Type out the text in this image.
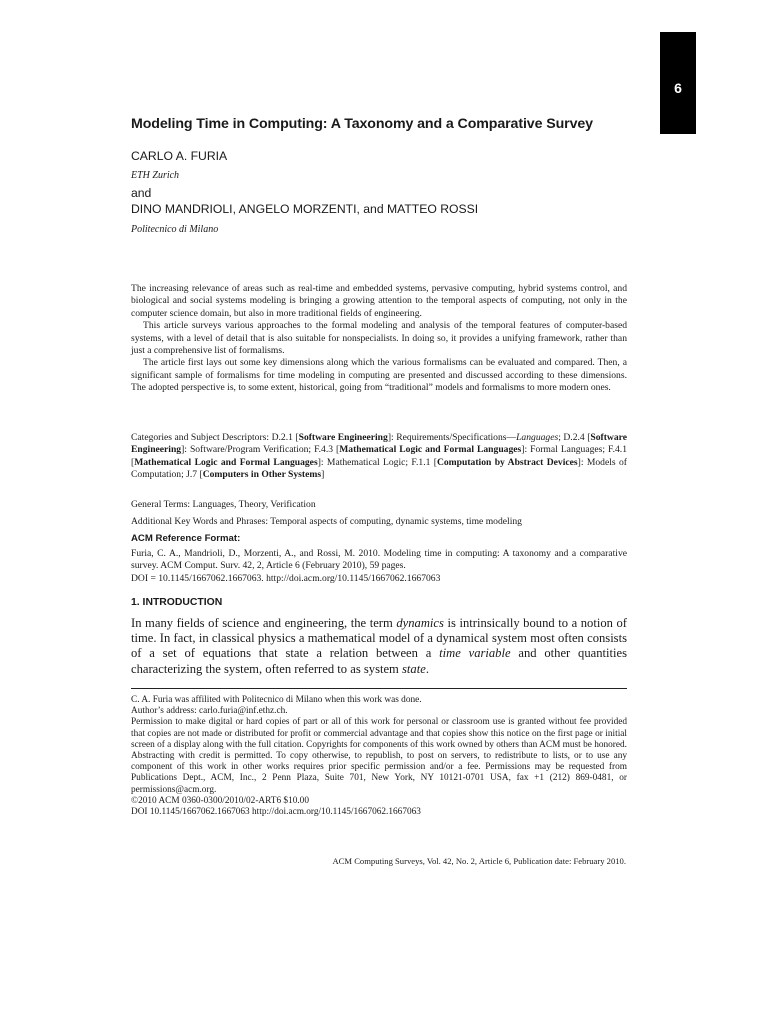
6
Modeling Time in Computing: A Taxonomy and a Comparative Survey
CARLO A. FURIA
ETH Zurich
and
DINO MANDRIOLI, ANGELO MORZENTI, and MATTEO ROSSI
Politecnico di Milano

The increasing relevance of areas such as real-time and embedded systems, pervasive computing, hybrid systems control, and biological and social systems modeling is bringing a growing attention to the temporal aspects of computing, not only in the computer science domain, but also in more traditional fields of engineering.

This article surveys various approaches to the formal modeling and analysis of the temporal features of computer-based systems, with a level of detail that is also suitable for nonspecialists. In doing so, it provides a unifying framework, rather than just a comprehensive list of formalisms.

The article first lays out some key dimensions along which the various formalisms can be evaluated and compared. Then, a significant sample of formalisms for time modeling in computing are presented and discussed according to these dimensions. The adopted perspective is, to some extent, historical, going from “traditional” models and formalisms to more modern ones.

Categories and Subject Descriptors: D.2.1 [Software Engineering]: Requirements/Specifications—Languages; D.2.4 [Software Engineering]: Software/Program Verification; F.4.3 [Mathematical Logic and Formal Languages]: Formal Languages; F.4.1 [Mathematical Logic and Formal Languages]: Mathematical Logic; F.1.1 [Computation by Abstract Devices]: Models of Computation; J.7 [Computers in Other Systems]
General Terms: Languages, Theory, Verification
Additional Key Words and Phrases: Temporal aspects of computing, dynamic systems, time modeling
ACM Reference Format:
Furia, C. A., Mandrioli, D., Morzenti, A., and Rossi, M. 2010. Modeling time in computing: A taxonomy and a comparative survey. ACM Comput. Surv. 42, 2, Article 6 (February 2010), 59 pages.
DOI = 10.1145/1667062.1667063. http://doi.acm.org/10.1145/1667062.1667063
1. INTRODUCTION
In many fields of science and engineering, the term dynamics is intrinsically bound to a notion of time. In fact, in classical physics a mathematical model of a dynamical system most often consists of a set of equations that state a relation between a time variable and other quantities characterizing the system, often referred to as system state.
C. A. Furia was affilited with Politecnico di Milano when this work was done.
Author’s address: carlo.furia@inf.ethz.ch.
Permission to make digital or hard copies of part or all of this work for personal or classroom use is granted without fee provided that copies are not made or distributed for profit or commercial advantage and that copies show this notice on the first page or initial screen of a display along with the full citation. Copyrights for components of this work owned by others than ACM must be honored. Abstracting with credit is permitted. To copy otherwise, to republish, to post on servers, to redistribute to lists, or to use any component of this work in other works requires prior specific permission and/or a fee. Permissions may be requested from Publications Dept., ACM, Inc., 2 Penn Plaza, Suite 701, New York, NY 10121-0701 USA, fax +1 (212) 869-0481, or permissions@acm.org.
©2010 ACM 0360-0300/2010/02-ART6 $10.00
DOI 10.1145/1667062.1667063 http://doi.acm.org/10.1145/1667062.1667063
ACM Computing Surveys, Vol. 42, No. 2, Article 6, Publication date: February 2010.
